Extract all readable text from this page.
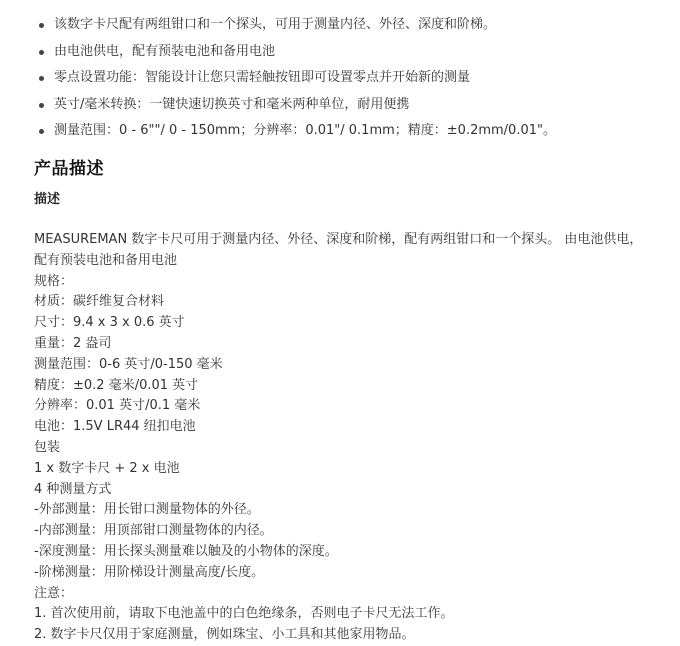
该数字卡尺配有两组钳口和一个探头，可用于测量内径、外径、深度和阶梯。
由电池供电，配有预装电池和备用电池
零点设置功能：智能设计让您只需轻触按钮即可设置零点并开始新的测量
英寸/毫米转换：一键快速切换英寸和毫米两种单位，耐用便携
测量范围：0 - 6""/ 0 - 150mm；分辨率：0.01"/ 0.1mm；精度：±0.2mm/0.01"。
产品描述
描述

MEASUREMAN 数字卡尺可用于测量内径、外径、深度和阶梯，配有两组钳口和一个探头。 由电池供电，配有预装电池和备用电池

规格：

材质：碳纤维复合材料

尺寸：9.4 x 3 x 0.6 英寸

重量：2 盎司

测量范围：0-6 英寸/0-150 毫米

精度：±0.2 毫米/0.01 英寸

分辨率：0.01 英寸/0.1 毫米

电池：1.5V LR44 纽扣电池

包装

1 x 数字卡尺 + 2 x 电池

4 种测量方式

-外部测量：用长钳口测量物体的外径。

-内部测量：用顶部钳口测量物体的内径。

-深度测量：用长探头测量难以触及的小物体的深度。

-阶梯测量：用阶梯设计测量高度/长度。

注意：

1. 首次使用前，请取下电池盖中的白色绝缘条，否则电子卡尺无法工作。

2. 数字卡尺仅用于家庭测量，例如珠宝、小工具和其他家用物品。
